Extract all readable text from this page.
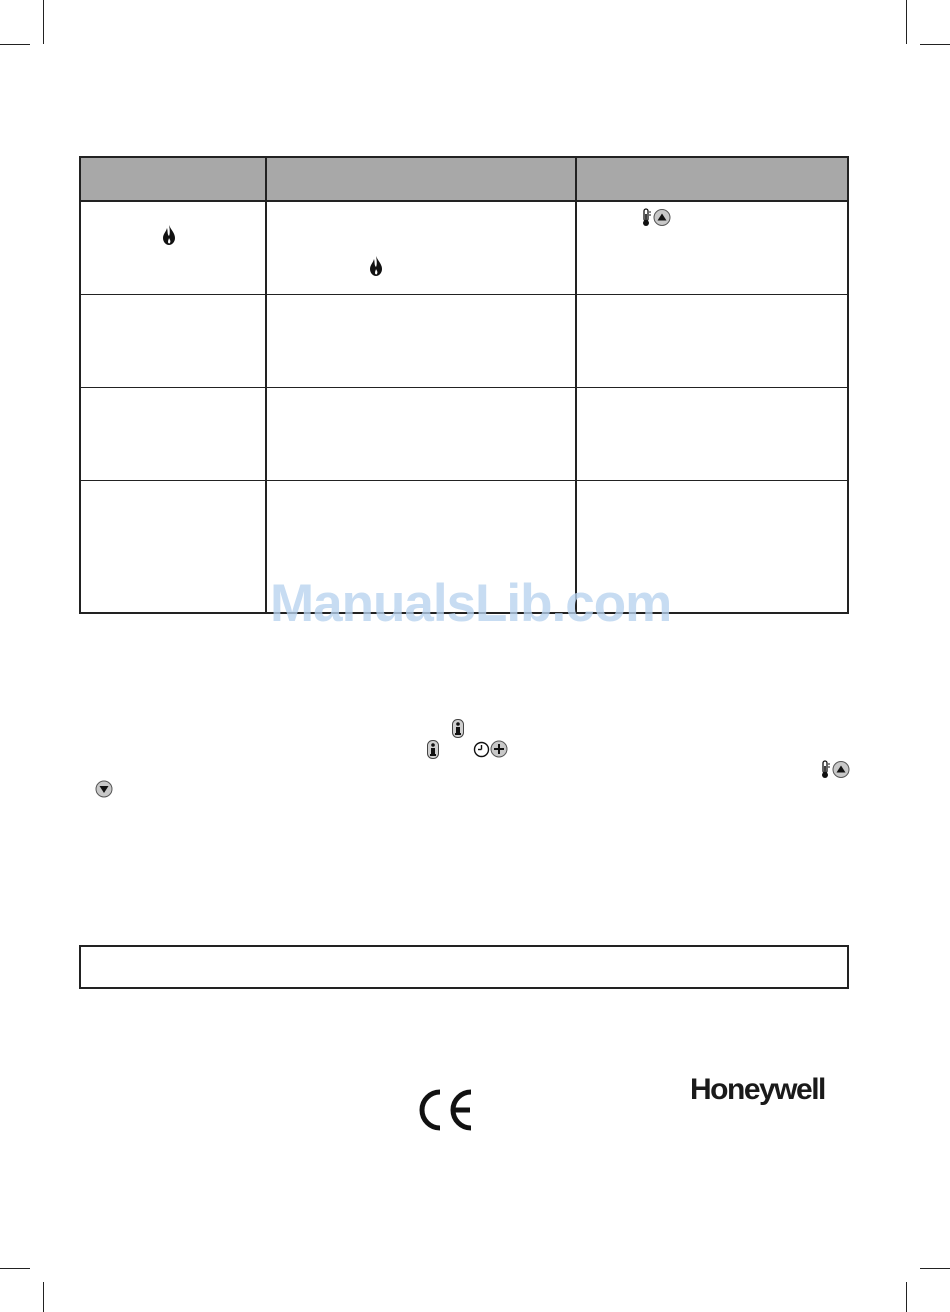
ManualsLib.com
Honeywell
